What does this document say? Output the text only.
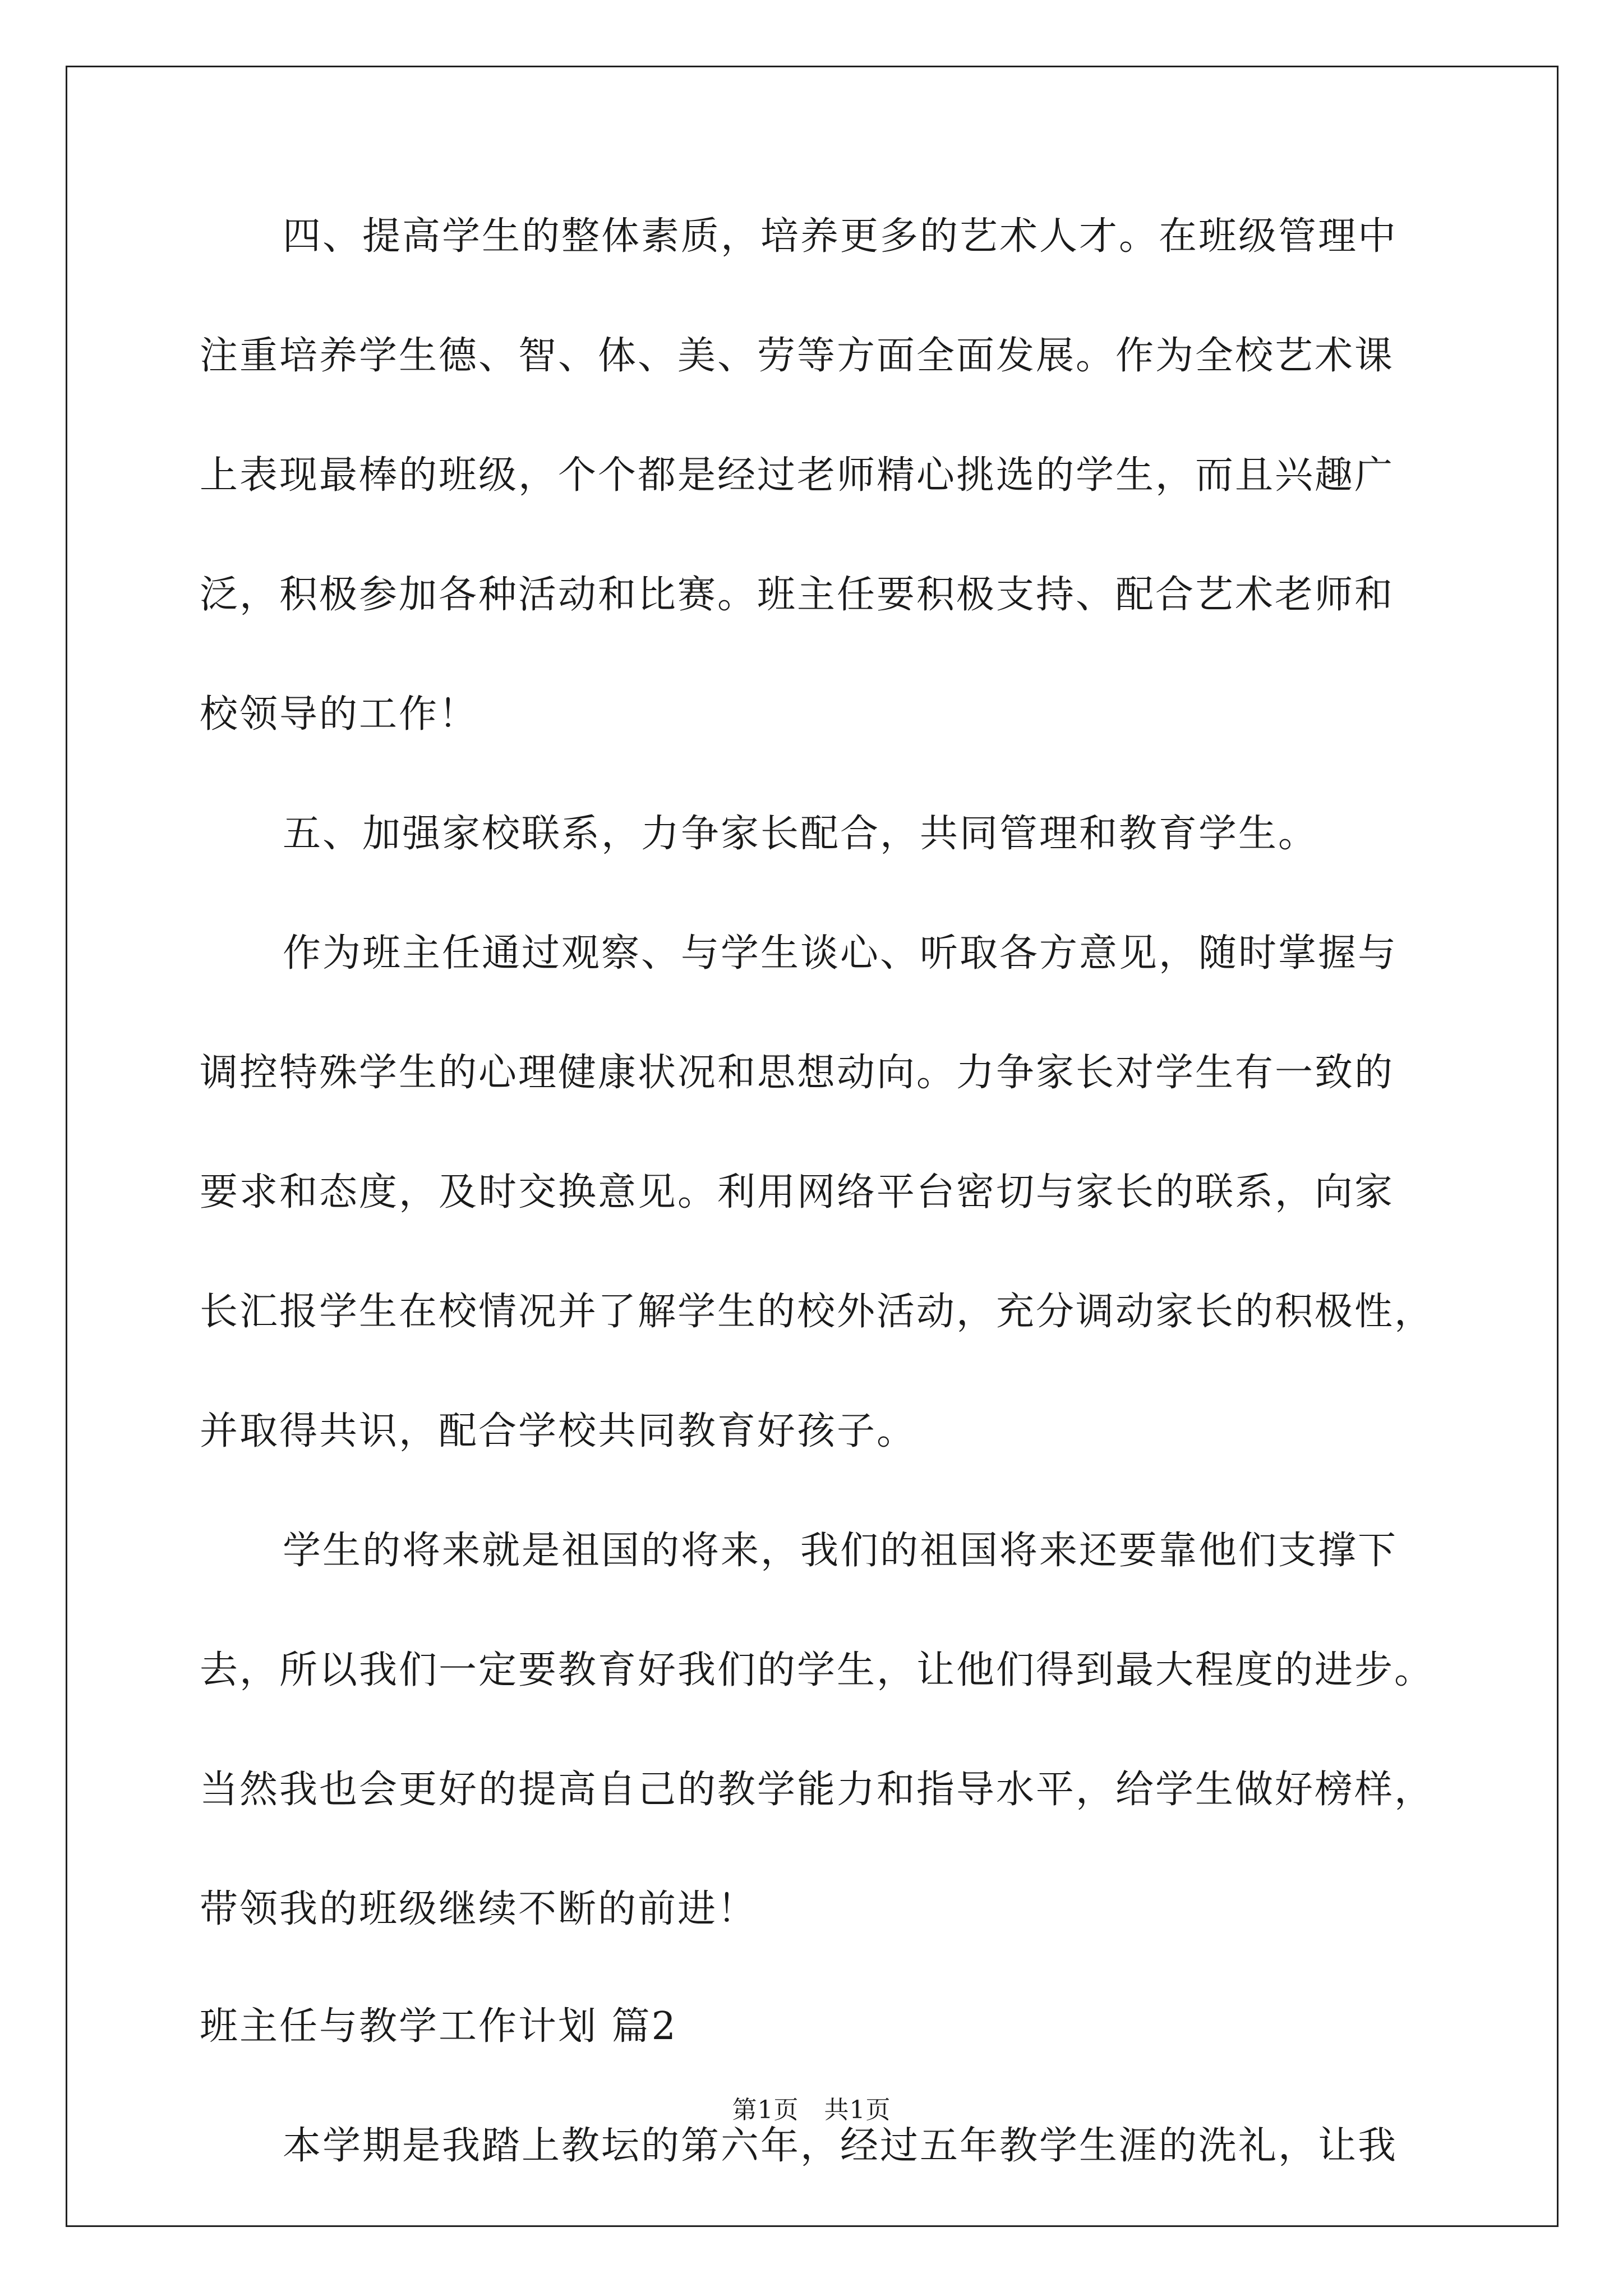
四、提高学生的整体素质，培养更多的艺术人才。在班级管理中
注重培养学生德、智、体、美、劳等方面全面发展。作为全校艺术课
上表现最棒的班级，个个都是经过老师精心挑选的学生，而且兴趣广
泛，积极参加各种活动和比赛。班主任要积极支持、配合艺术老师和
校领导的工作！
五、加强家校联系，力争家长配合，共同管理和教育学生。
作为班主任通过观察、与学生谈心、听取各方意见，随时掌握与
调控特殊学生的心理健康状况和思想动向。力争家长对学生有一致的
要求和态度，及时交换意见。利用网络平台密切与家长的联系，向家
长汇报学生在校情况并了解学生的校外活动，充分调动家长的积极性，
并取得共识，配合学校共同教育好孩子。
学生的将来就是祖国的将来，我们的祖国将来还要靠他们支撑下
去，所以我们一定要教育好我们的学生，让他们得到最大程度的进步。
当然我也会更好的提高自己的教学能力和指导水平，给学生做好榜样，
带领我的班级继续不断的前进！
班主任与教学工作计划 篇2
本学期是我踏上教坛的第六年，经过五年教学生涯的洗礼，让我
第1页   共1页
